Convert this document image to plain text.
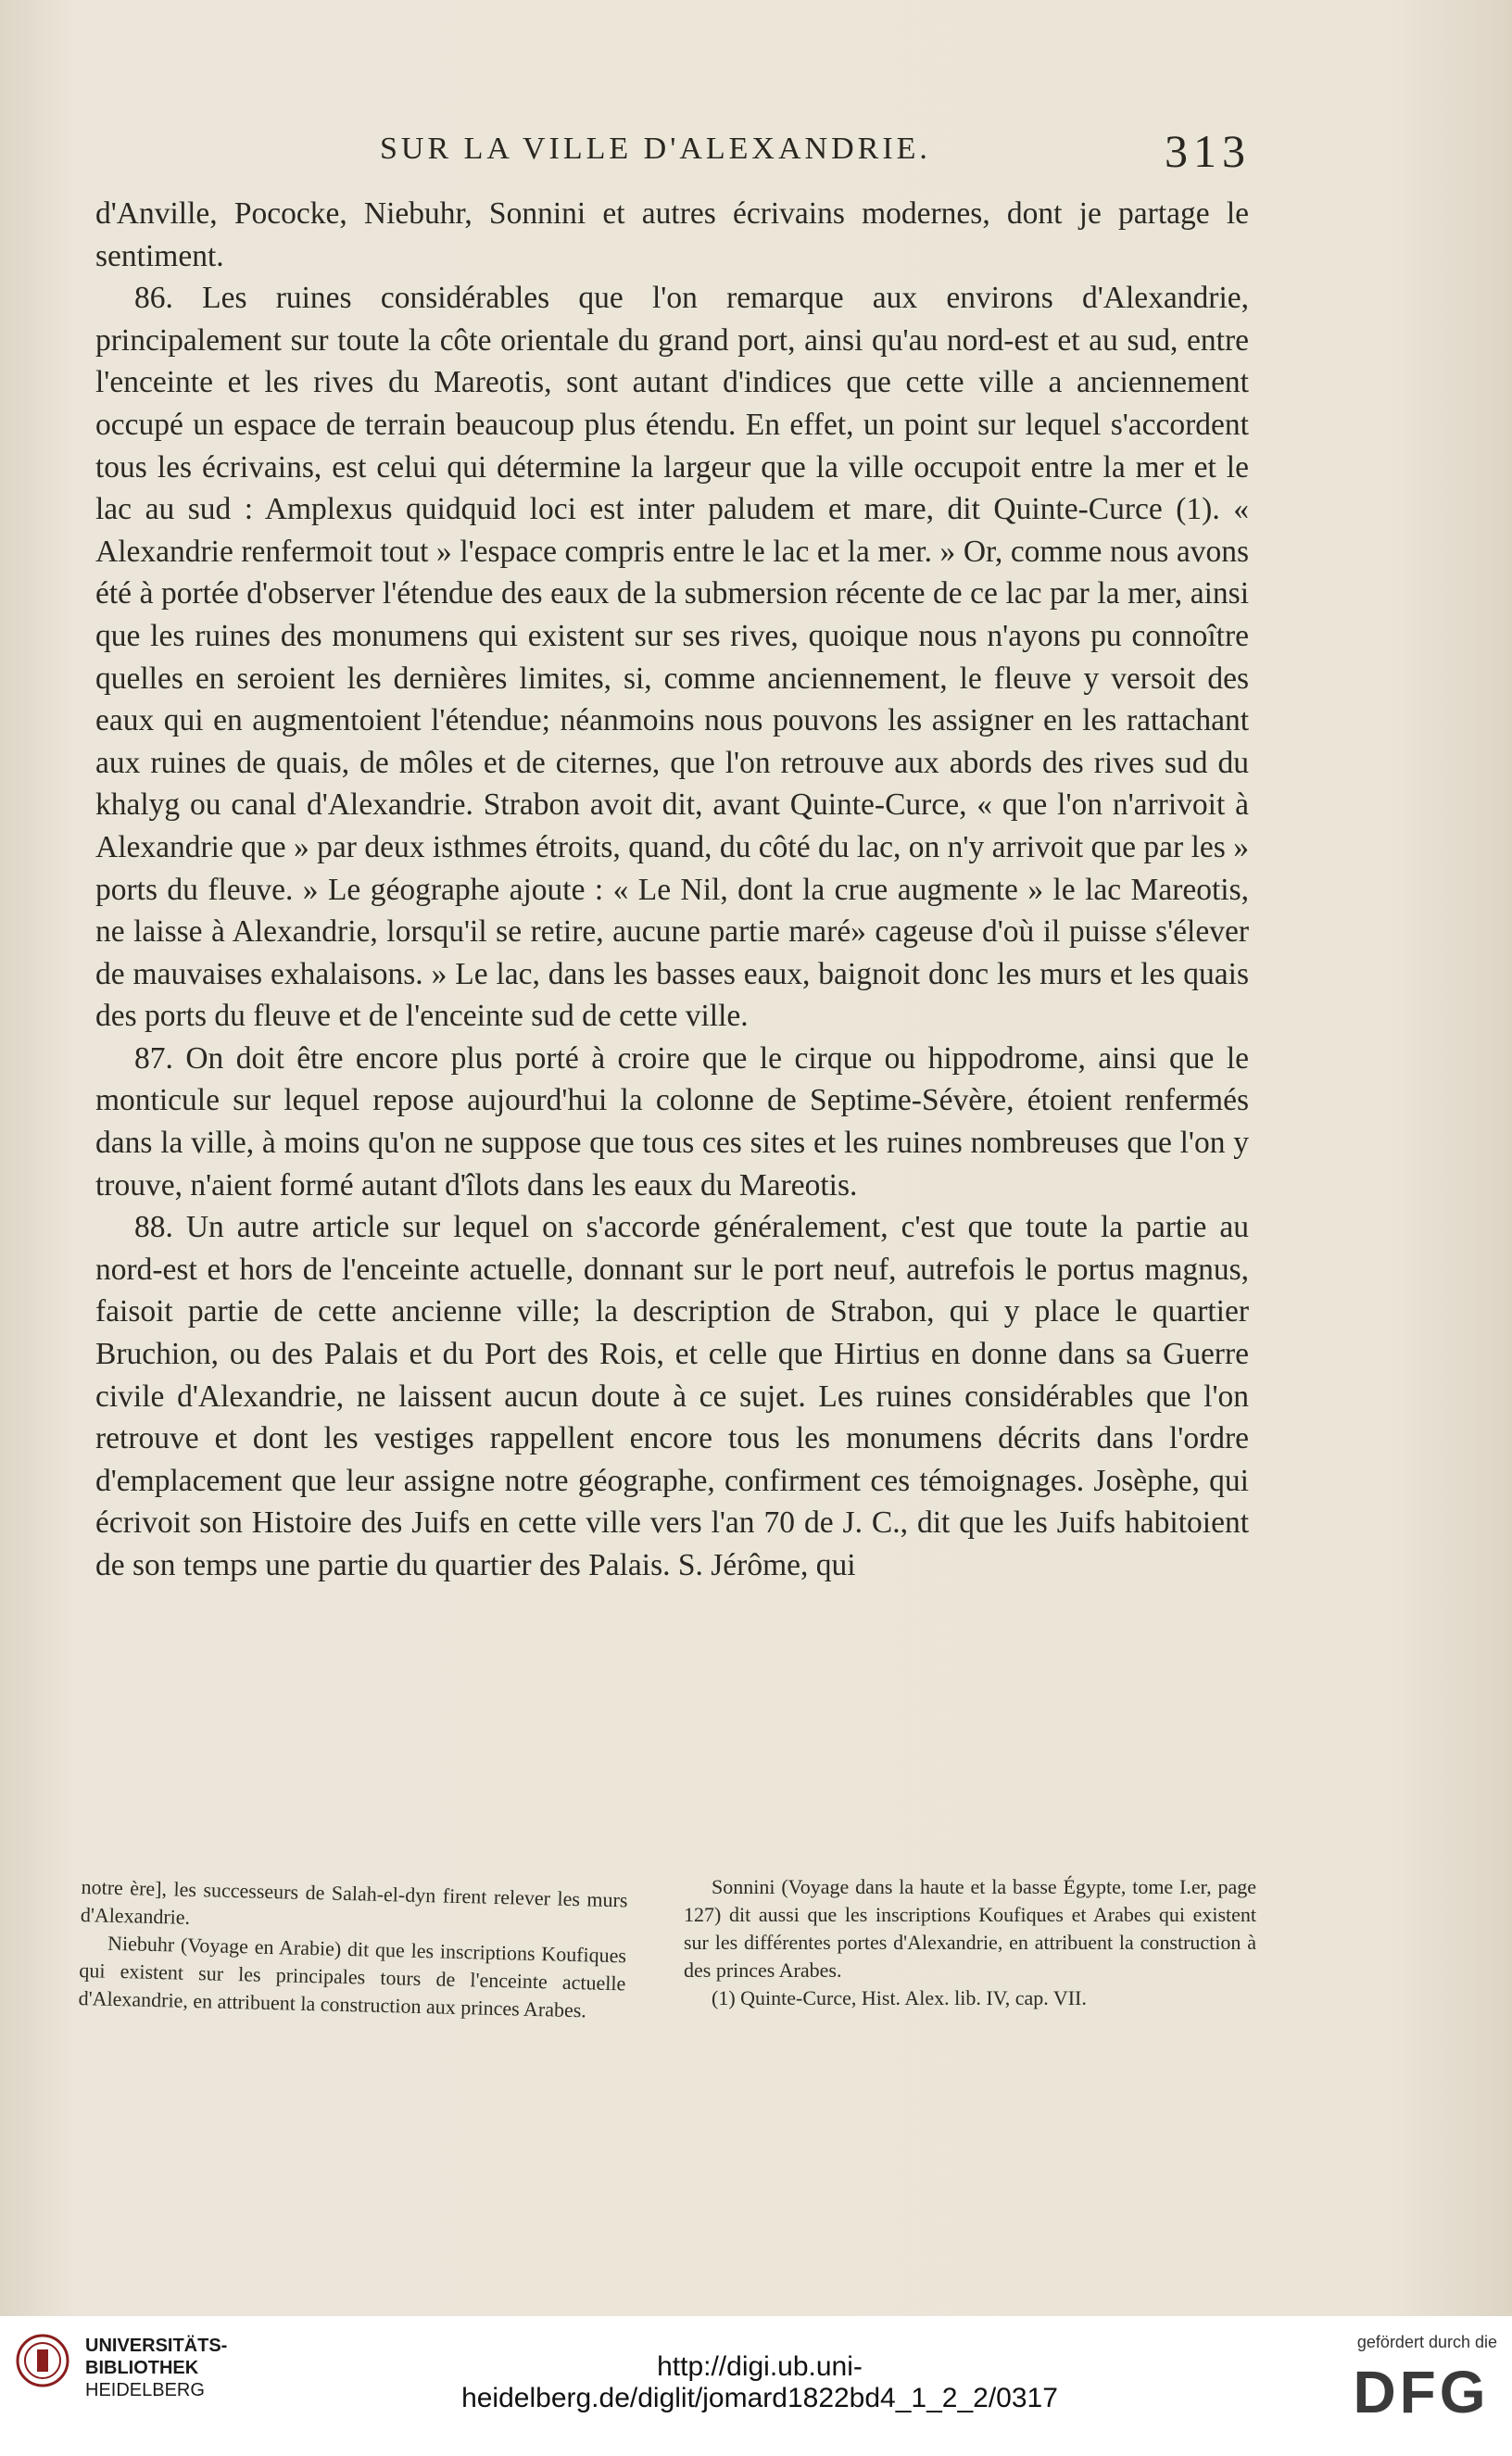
SUR LA VILLE D'ALEXANDRIE.	313

d'Anville, Pococke, Niebuhr, Sonnini et autres écrivains modernes, dont je partage le sentiment.

86. Les ruines considérables que l'on remarque aux environs d'Alexandrie, principalement sur toute la côte orientale du grand port, ainsi qu'au nord-est et au sud, entre l'enceinte et les rives du Mareotis, sont autant d'indices que cette ville a anciennement occupé un espace de terrain beaucoup plus étendu. En effet, un point sur lequel s'accordent tous les écrivains, est celui qui détermine la largeur que la ville occupoit entre la mer et le lac au sud : Amplexus quidquid loci est inter paludem et mare, dit Quinte-Curce (1). « Alexandrie renfermoit tout » l'espace compris entre le lac et la mer. » Or, comme nous avons été à portée d'observer l'étendue des eaux de la submersion récente de ce lac par la mer, ainsi que les ruines des monumens qui existent sur ses rives, quoique nous n'ayons pu connoître quelles en seroient les dernières limites, si, comme anciennement, le fleuve y versoit des eaux qui en augmentoient l'étendue; néanmoins nous pouvons les assigner en les rattachant aux ruines de quais, de môles et de citernes, que l'on retrouve aux abords des rives sud du khalyg ou canal d'Alexandrie. Strabon avoit dit, avant Quinte-Curce, « que l'on n'arrivoit à Alexandrie que » par deux isthmes étroits, quand, du côté du lac, on n'y arrivoit que par les » ports du fleuve. » Le géographe ajoute : « Le Nil, dont la crue augmente » le lac Mareotis, ne laisse à Alexandrie, lorsqu'il se retire, aucune partie maré» cageuse d'où il puisse s'élever de mauvaises exhalaisons. » Le lac, dans les basses eaux, baignoit donc les murs et les quais des ports du fleuve et de l'enceinte sud de cette ville.

87. On doit être encore plus porté à croire que le cirque ou hippodrome, ainsi que le monticule sur lequel repose aujourd'hui la colonne de Septime-Sévère, étoient renfermés dans la ville, à moins qu'on ne suppose que tous ces sites et les ruines nombreuses que l'on y trouve, n'aient formé autant d'îlots dans les eaux du Mareotis.

88. Un autre article sur lequel on s'accorde généralement, c'est que toute la partie au nord-est et hors de l'enceinte actuelle, donnant sur le port neuf, autrefois le portus magnus, faisoit partie de cette ancienne ville; la description de Strabon, qui y place le quartier Bruchion, ou des Palais et du Port des Rois, et celle que Hirtius en donne dans sa Guerre civile d'Alexandrie, ne laissent aucun doute à ce sujet. Les ruines considérables que l'on retrouve et dont les vestiges rappellent encore tous les monumens décrits dans l'ordre d'emplacement que leur assigne notre géographe, confirment ces témoignages. Josèphe, qui écrivoit son Histoire des Juifs en cette ville vers l'an 70 de J. C., dit que les Juifs habitoient de son temps une partie du quartier des Palais. S. Jérôme, qui

notre ère], les successeurs de Salah-el-dyn firent relever les murs d'Alexandrie.

Niebuhr (Voyage en Arabie) dit que les inscriptions Koufiques qui existent sur les principales tours de l'enceinte actuelle d'Alexandrie, en attribuent la construction aux princes Arabes.

Sonnini (Voyage dans la haute et la basse Égypte, tome I.er, page 127) dit aussi que les inscriptions Koufiques et Arabes qui existent sur les différentes portes d'Alexandrie, en attribuent la construction à des princes Arabes.

(1) Quinte-Curce, Hist. Alex. lib. IV, cap. VII.

UNIVERSITÄTS-
BIBLIOTHEK
HEIDELBERG
http://digi.ub.uni-heidelberg.de/diglit/jomard1822bd4_1_2_2/0317
gefördert durch die
DFG
